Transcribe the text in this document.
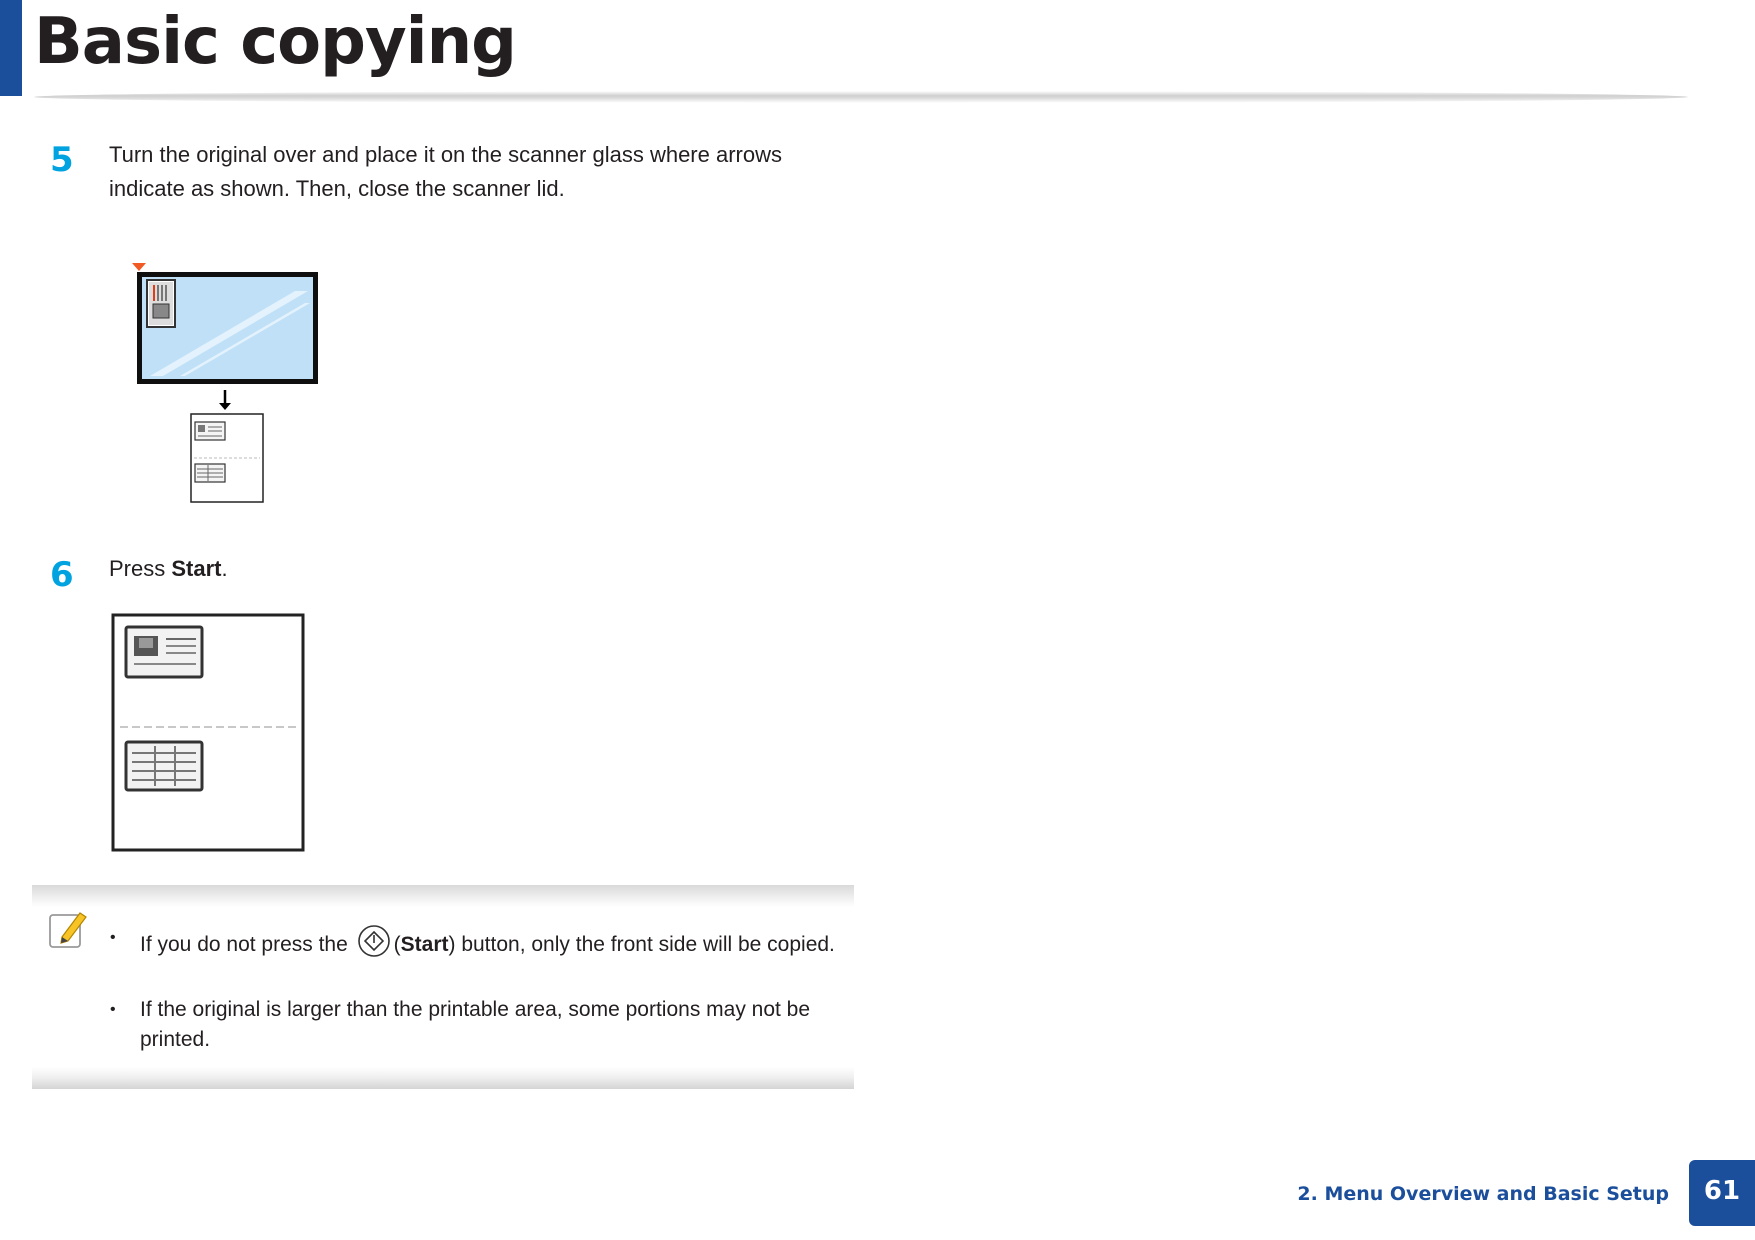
Basic copying
5 Turn the original over and place it on the scanner glass where arrows indicate as shown. Then, close the scanner lid.
6 Press Start.
• If you do not press the (Start) button, only the front side will be copied.
• If the original is larger than the printable area, some portions may not be printed.
2. Menu Overview and Basic Setup	61
